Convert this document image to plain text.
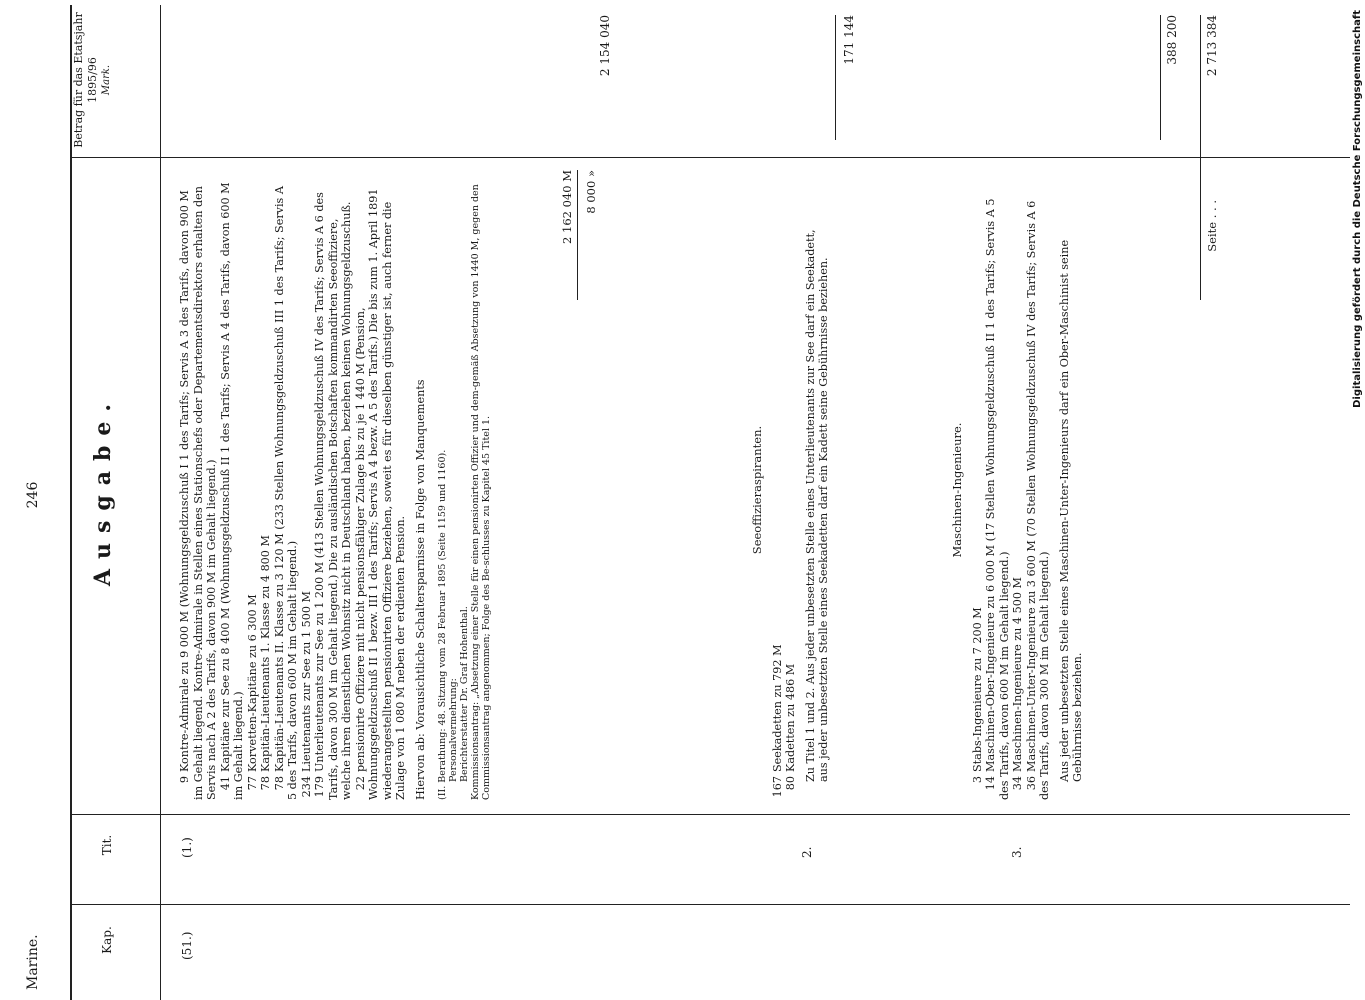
Marine.
246
Kap.
Tit.
Ausgabe.
Betrag für das Etatsjahr 1895/96 Mark.
(51.)
(1.)

9Kontre-Admirale zu 9 000 M (Wohnungsgeldzuschuß I 1 des Tarifs; Servis A 3 des Tarifs, davon 900 M im Gehalt liegend. Kontre-Admirale in Stellen eines Stationschefs oder Departementsdirektors erhalten den Servis nach A 2 des Tarifs, davon 900 M im Gehalt liegend.) 41Kapitäne zur See zu 8 400 M (Wohnungsgeldzuschuß II 1 des Tarifs; Servis A 4 des Tarifs, davon 600 M im Gehalt liegend.) 77Korvetten-Kapitäne zu 6 300 M

78Kapitän-Lieutenants 1. Klasse zu 4 800 M

78Kapitän-Lieutenants II. Klasse zu 3 120 M (233 Stellen Wohnungsgeldzuschuß III 1 des Tarifs; Servis A 5 des Tarifs, davon 600 M im Gehalt liegend.) 234Lieutenants zur See zu 1 500 M

179Unterlieutenants zur See zu 1 200 M (413 Stellen Wohnungsgeldzuschuß IV des Tarifs; Servis A 6 des Tarifs, davon 300 M im Gehalt liegend.) Die zu ausländischen Botschaften kommandirten Seeoffiziere, welche ihren dienstlichen Wohnsitz nicht in Deutschland haben, beziehen keinen Wohnungsgeldzuschuß. 22pensionirte Offiziere mit nicht pensionsfähiger Zulage bis zu je 1 440 M (Pension, Wohnungsgeldzuschuß II 1 bezw. III 1 des Tarifs; Servis A 4 bezw. A 5 des Tarifs.) Die bis zum 1. April 1891 wiederangestellten pensionirten Offiziere beziehen, soweit es für dieselben günstiger ist, auch ferner die Zulage von 1 080 M neben der erdienten Pension. Hiervon ab: Vorausichtliche Schaltersparnisse in Folge von Manquements (II. Berathung: 48. Sitzung vom 28 Februar 1895 (Seite 1159 und 1160). Personalvermehrung: Berichterstatter Dr. Graf Hohenthal. Kommissionsantrag: „Absetzung einer Stelle für einen pensionirten Offizier und dem-gemäß Absetzung von 1440 M, gegen den Commissionsantrag angenommen; Folge des Be-schlusses zu Kapitel 45 Titel 1.

2 162 040 M 8 000 »
2 154 040
2.

Seeoffizieraspiranten.

167Seekadetten zu 792 M

80Kadetten zu 486 M Zu Titel 1 und 2. Aus jeder unbesetzten Stelle eines Unterlieutenants zur See darf ein Seekadett, aus jeder unbesetzten Stelle eines Seekadetten darf ein Kadett seine Gebührnisse beziehen.

171 144
3.

Maschinen-Ingenieure.

3Stabs-Ingenieure zu 7 200 M

14Maschinen-Ober-Ingenieure zu 6 000 M (17 Stellen Wohnungsgeldzuschuß II 1 des Tarifs; Servis A 5 des Tarifs, davon 600 M im Gehalt liegend.) 34Maschinen-Ingenieure zu 4 500 M

36Maschinen-Unter-Ingenieure zu 3 600 M (70 Stellen Wohnungsgeldzuschuß IV des Tarifs; Servis A 6 des Tarifs, davon 300 M im Gehalt liegend.) Aus jeder unbesetzten Stelle eines Maschinen-Unter-Ingenieurs darf ein Ober-Maschinist seine Gebührnisse beziehen.

388 200
Seite . . .
2 713 384	Digitalisierung gefördert durch die Deutsche Forschungsgemeinschaft
